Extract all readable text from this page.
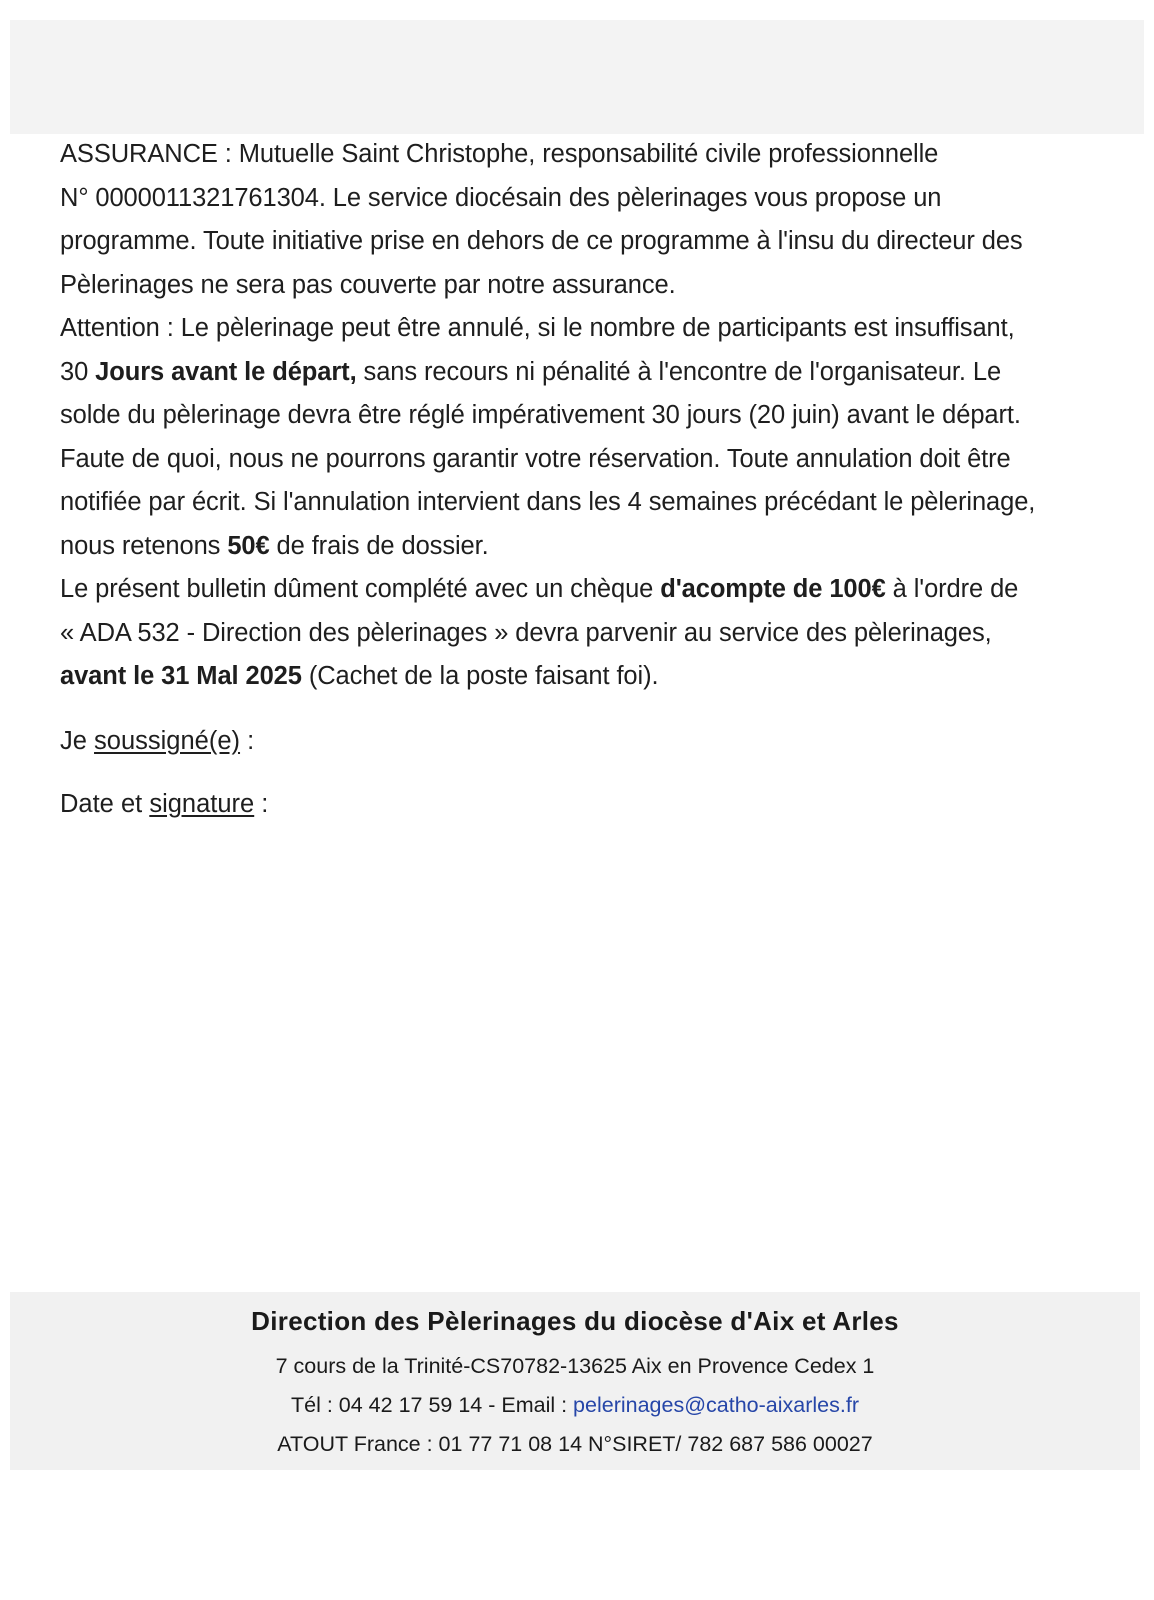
ASSURANCE : Mutuelle Saint Christophe, responsabilité civile professionnelle

N° 0000011321761304. Le service diocésain des pèlerinages vous propose un

programme. Toute initiative prise en dehors de ce programme à l'insu du directeur des

Pèlerinages ne sera pas couverte par notre assurance.

Attention : Le pèlerinage peut être annulé, si le nombre de participants est insuffisant,

30 Jours avant le départ, sans recours ni pénalité à l'encontre de l'organisateur. Le

solde du pèlerinage devra être réglé impérativement 30 jours (20 juin) avant le départ.

Faute de quoi, nous ne pourrons garantir votre réservation. Toute annulation doit être

notifiée par écrit. Si l'annulation intervient dans les 4 semaines précédant le pèlerinage,

nous retenons 50€ de frais de dossier.

Le présent bulletin dûment complété avec un chèque d'acompte de 100€ à l'ordre de

« ADA 532 - Direction des pèlerinages » devra parvenir au service des pèlerinages,

avant le 31 Mal 2025 (Cachet de la poste faisant foi).

Je soussigné(e) :
Date et signature :
Direction des Pèlerinages du diocèse d'Aix et Arles
7 cours de la Trinité-CS70782-13625 Aix en Provence Cedex 1
Tél : 04 42 17 59 14 - Email : pelerinages@catho-aixarles.fr
ATOUT France : 01 77 71 08 14 N°SIRET/ 782 687 586 00027
